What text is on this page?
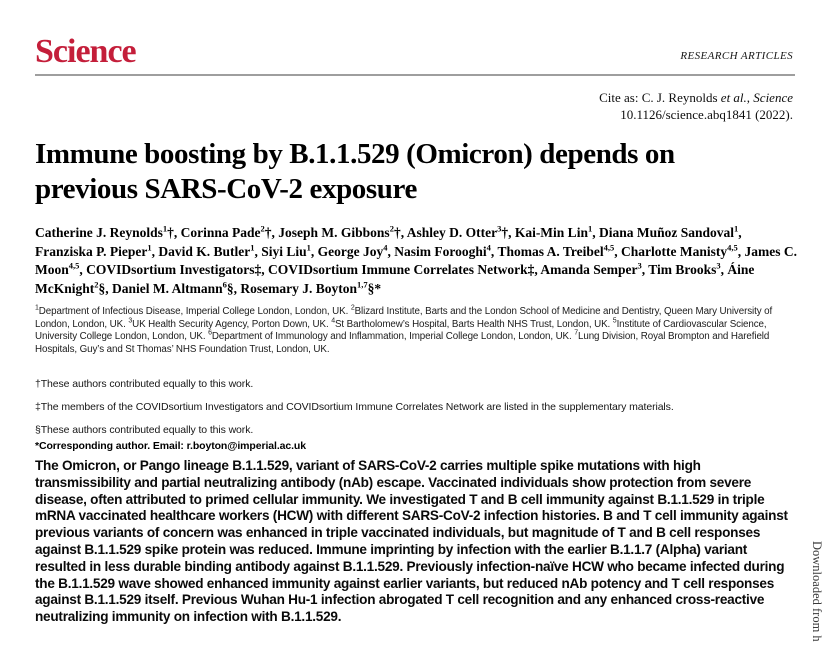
Science	RESEARCH ARTICLES
Cite as: C. J. Reynolds et al., Science
10.1126/science.abq1841 (2022).
Immune boosting by B.1.1.529 (Omicron) depends on
previous SARS-CoV-2 exposure
Catherine J. Reynolds$^1$†, Corinna Pade$^2$†, Joseph M. Gibbons$^2$†, Ashley D. Otter$^3$†, Kai-Min Lin$^1$, Diana Muñoz Sandoval$^1$, Franziska P. Pieper$^1$, David K. Butler$^1$, Siyi Liu$^1$, George Joy$^4$, Nasim Forooghi$^4$, Thomas A. Treibel$^{4,5}$, Charlotte Manisty$^{4,5}$, James C. Moon$^{4,5}$, COVIDsortium Investigators‡, COVIDsortium Immune Correlates Network‡, Amanda Semper$^3$, Tim Brooks$^3$, Áine McKnight$^2$§, Daniel M. Altmann$^6$§, Rosemary J. Boyton$^{1,7}$§*
$^1$Department of Infectious Disease, Imperial College London, London, UK. $^2$Blizard Institute, Barts and the London School of Medicine and Dentistry, Queen Mary University of London, London, UK. $^3$UK Health Security Agency, Porton Down, UK. $^4$St Bartholomew’s Hospital, Barts Health NHS Trust, London, UK. $^5$Institute of Cardiovascular Science, University College London, London, UK. $^6$Department of Immunology and Inflammation, Imperial College London, London, UK. $^7$Lung Division, Royal Brompton and Harefield Hospitals, Guy’s and St Thomas’ NHS Foundation Trust, London, UK.

†These authors contributed equally to this work.

‡The members of the COVIDsortium Investigators and COVIDsortium Immune Correlates Network are listed in the supplementary materials.

§These authors contributed equally to this work.

*Corresponding author. Email: r.boyton@imperial.ac.uk

The Omicron, or Pango lineage B.1.1.529, variant of SARS-CoV-2 carries multiple spike mutations with high transmissibility and partial neutralizing antibody (nAb) escape. Vaccinated individuals show protection from severe disease, often attributed to primed cellular immunity. We investigated T and B cell immunity against B.1.1.529 in triple mRNA vaccinated healthcare workers (HCW) with different SARS-CoV-2 infection histories. B and T cell immunity against previous variants of concern was enhanced in triple vaccinated individuals, but magnitude of T and B cell responses against B.1.1.529 spike protein was reduced. Immune imprinting by infection with the earlier B.1.1.7 (Alpha) variant resulted in less durable binding antibody against B.1.1.529. Previously infection-naïve HCW who became infected during the B.1.1.529 wave showed enhanced immunity against earlier variants, but reduced nAb potency and T cell responses against B.1.1.529 itself. Previous Wuhan Hu-1 infection abrogated T cell recognition and any enhanced cross-reactive neutralizing immunity on infection with B.1.1.529.	Downloaded from h
